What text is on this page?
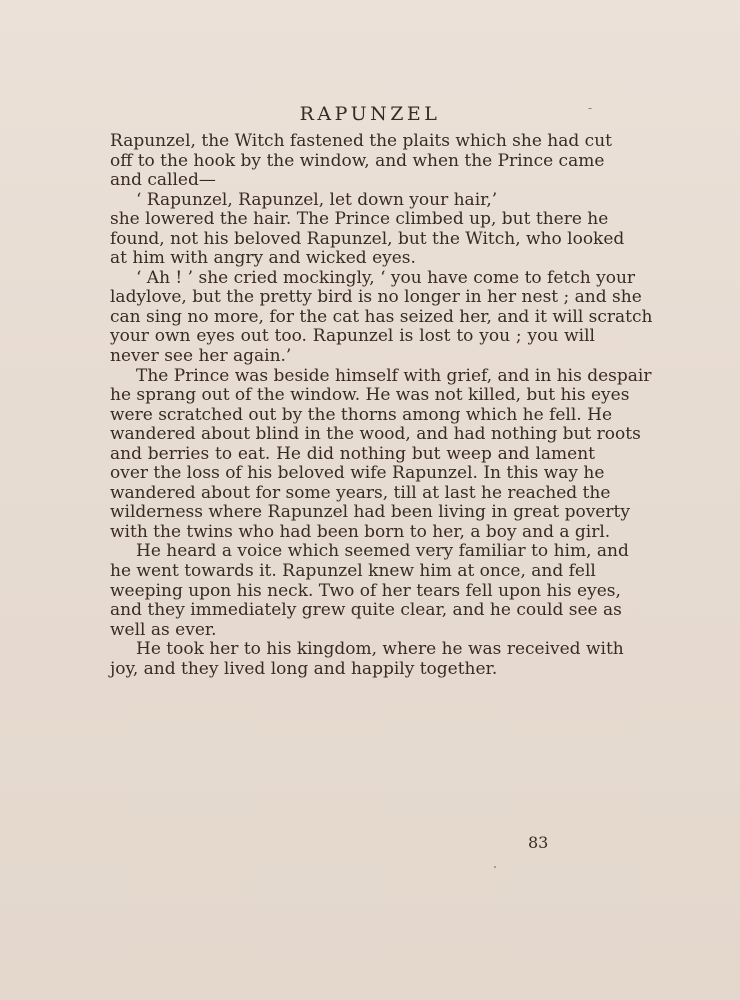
RAPUNZEL	-
Rapunzel, the Witch fastened the plaits which she had cut
off to the hook by the window, and when the Prince came
and called—
‘ Rapunzel, Rapunzel, let down your hair,’
she lowered the hair. The Prince climbed up, but there he
found, not his beloved Rapunzel, but the Witch, who looked
at him with angry and wicked eyes.
‘ Ah ! ’ she cried mockingly, ‘ you have come to fetch your
ladylove, but the pretty bird is no longer in her nest ; and she
can sing no more, for the cat has seized her, and it will scratch
your own eyes out too. Rapunzel is lost to you ; you will
never see her again.’
The Prince was beside himself with grief, and in his despair
he sprang out of the window. He was not killed, but his eyes
were scratched out by the thorns among which he fell. He
wandered about blind in the wood, and had nothing but roots
and berries to eat. He did nothing but weep and lament
over the loss of his beloved wife Rapunzel. In this way he
wandered about for some years, till at last he reached the
wilderness where Rapunzel had been living in great poverty
with the twins who had been born to her, a boy and a girl.
He heard a voice which seemed very familiar to him, and
he went towards it. Rapunzel knew him at once, and fell
weeping upon his neck. Two of her tears fell upon his eyes,
and they immediately grew quite clear, and he could see as
well as ever.
He took her to his kingdom, where he was received with
joy, and they lived long and happily together.
83
